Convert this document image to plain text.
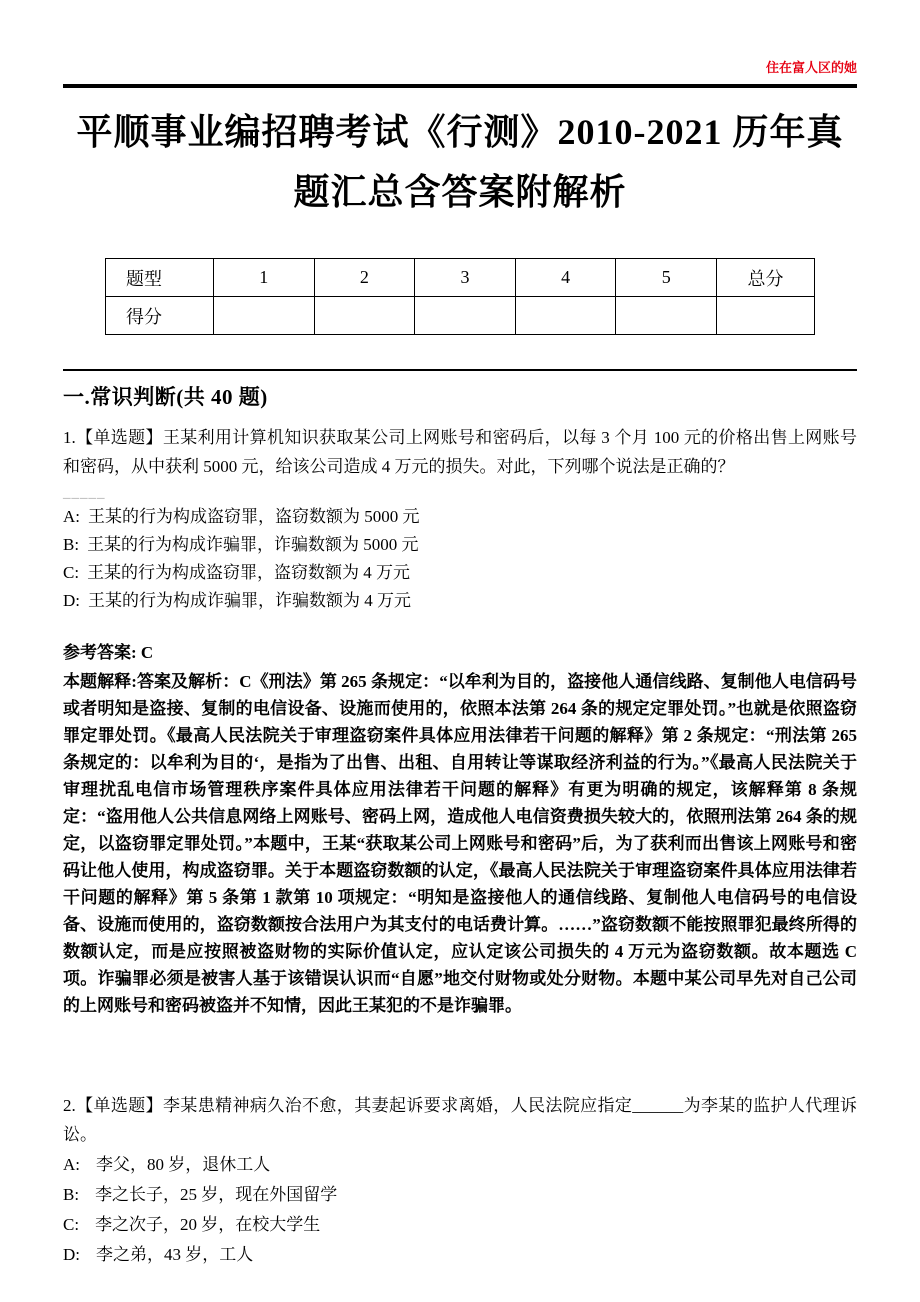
住在富人区的她
平顺事业编招聘考试《行测》2010-2021 历年真
题汇总含答案附解析
题型	1	2	3	4	5	总分
得分						
一.常识判断(共 40 题)

1.【单选题】王某利用计算机知识获取某公司上网账号和密码后，以每 3 个月 100 元的价格出售上网账号和密码，从中获利 5000 元，给该公司造成 4 万元的损失。对此，下列哪个说法是正确的？

_____
A: 王某的行为构成盗窃罪，盗窃数额为 5000 元
B: 王某的行为构成诈骗罪，诈骗数额为 5000 元
C: 王某的行为构成盗窃罪，盗窃数额为 4 万元
D: 王某的行为构成诈骗罪，诈骗数额为 4 万元

参考答案: C

本题解释:答案及解析：C《刑法》第 265 条规定：“以牟利为目的，盗接他人通信线路、复制他人电信码号或者明知是盗接、复制的电信设备、设施而使用的，依照本法第 264 条的规定定罪处罚。”也就是依照盗窃罪定罪处罚。《最高人民法院关于审理盗窃案件具体应用法律若干问题的解释》第 2 条规定：“刑法第 265 条规定的：以牟利为目的‘，是指为了出售、出租、自用转让等谋取经济利益的行为。”《最高人民法院关于审理扰乱电信市场管理秩序案件具体应用法律若干问题的解释》有更为明确的规定，该解释第 8 条规定：“盗用他人公共信息网络上网账号、密码上网，造成他人电信资费损失较大的，依照刑法第 264 条的规定，以盗窃罪定罪处罚。”本题中，王某“获取某公司上网账号和密码”后，为了获利而出售该上网账号和密码让他人使用，构成盗窃罪。关于本题盗窃数额的认定，《最高人民法院关于审理盗窃案件具体应用法律若干问题的解释》第 5 条第 1 款第 10 项规定：“明知是盗接他人的通信线路、复制他人电信码号的电信设备、设施而使用的，盗窃数额按合法用户为其支付的电话费计算。……”盗窃数额不能按照罪犯最终所得的数额认定，而是应按照被盗财物的实际价值认定，应认定该公司损失的 4 万元为盗窃数额。故本题选 C 项。诈骗罪必须是被害人基于该错误认识而“自愿”地交付财物或处分财物。本题中某公司早先对自己公司的上网账号和密码被盗并不知情，因此王某犯的不是诈骗罪。

2.【单选题】李某患精神病久治不愈，其妻起诉要求离婚，人民法院应指定______为李某的监护人代理诉讼。

A: 李父，80 岁，退休工人
B: 李之长子，25 岁，现在外国留学
C: 李之次子，20 岁，在校大学生
D: 李之弟，43 岁，工人
